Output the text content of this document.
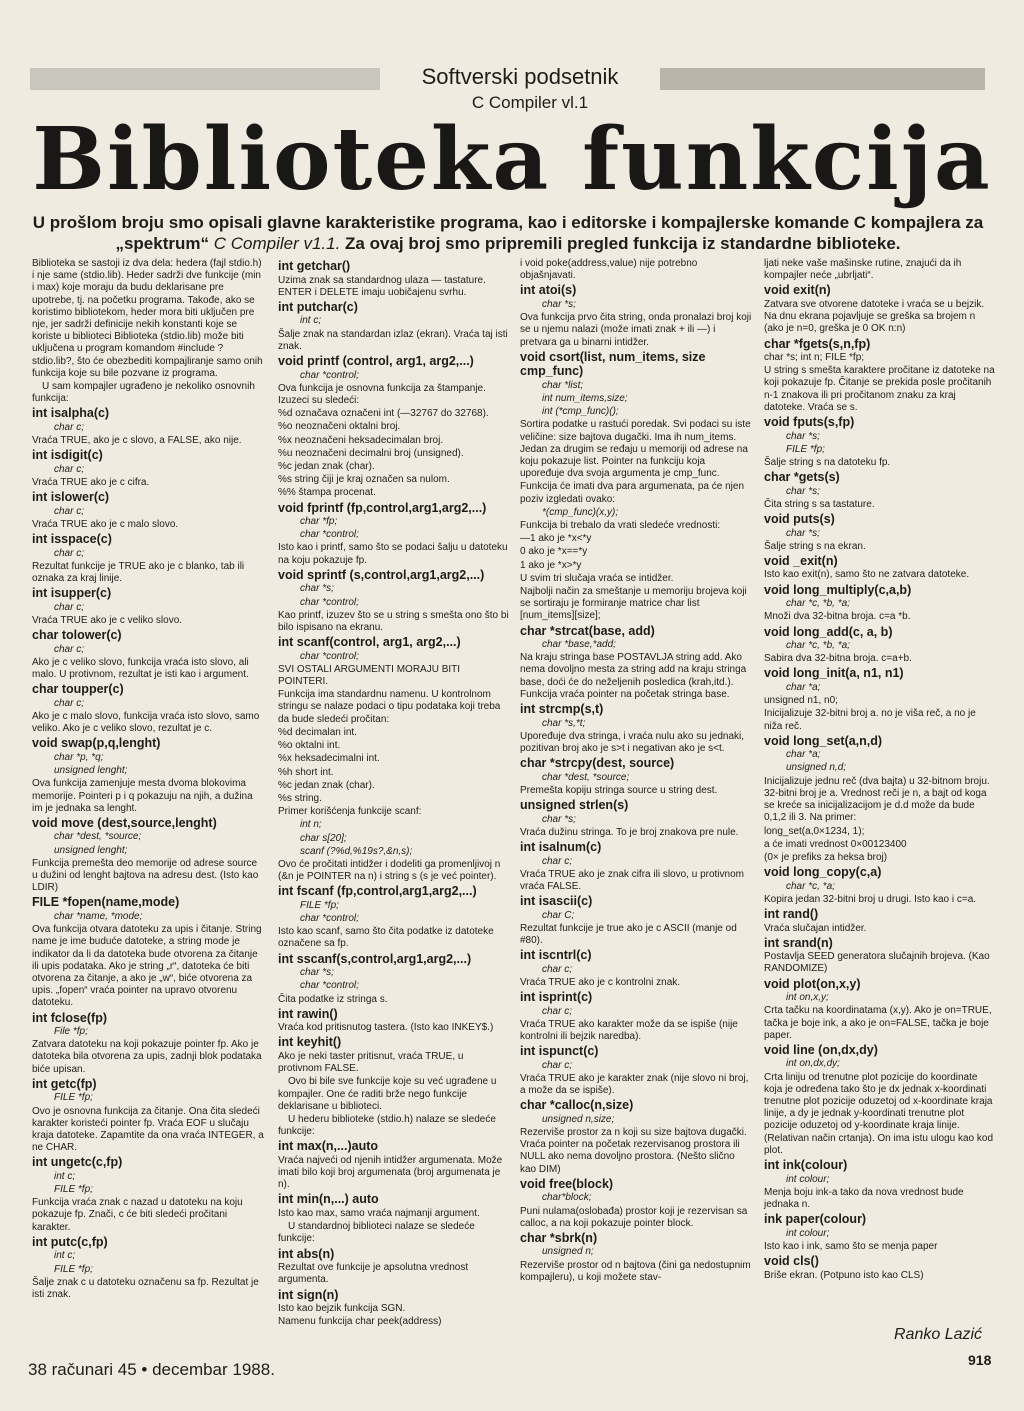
Softverski podsetnik
C Compiler vl.1
Biblioteka funkcija

U prošlom broju smo opisali glavne karakteristike programa, kao i editorske i kompajlerske komande C kompajlera za „spektrum“ C Compiler v1.1. Za ovaj broj smo pripremili pregled funkcija iz standardne biblioteke.

Biblioteka se sastoji iz dva dela: hedera (fajl stdio.h) i nje same (stdio.lib). Heder sadrži dve funkcije (min i max) koje moraju da budu deklarisane pre upotrebe, tj. na početku programa. Takođe, ako se koristimo bibliotekom, heder mora biti uključen pre nje, jer sadrži definicije nekih konstanti koje se koriste u biblioteci Biblioteka (stdio.lib) može biti uključena u program komandom #include ?stdio.lib?, što će obezbediti kompajliranje samo onih funkcija koje su bile pozvane iz programa.

U sam kompajler ugrađeno je nekoliko osnovnih funkcija:

int isalpha(c)

char c;

Vraća TRUE, ako je c slovo, a FALSE, ako nije.

int isdigit(c)

char c;

Vraća TRUE ako je c cifra.

int islower(c)

char c;

Vraća TRUE ako je c malo slovo.

int isspace(c)

char c;

Rezultat funkcije je TRUE ako je c blanko, tab ili oznaka za kraj linije.

int isupper(c)

char c;

Vraća TRUE ako je c veliko slovo.

char tolower(c)

char c;

Ako je c veliko slovo, funkcija vraća isto slovo, ali malo. U protivnom, rezultat je isti kao i argument.

char toupper(c)

char c;

Ako je c malo slovo, funkcija vraća isto slovo, samo veliko. Ako je c veliko slovo, rezultat je c.

void swap(p,q,lenght)

char *p, *q;

unsigned lenght;

Ova funkcija zamenjuje mesta dvoma blokovima memorije. Pointeri p i q pokazuju na njih, a dužina im je jednaka sa lenght.

void move (dest,source,lenght)

char *dest, *source;

unsigned lenght;

Funkcija premešta deo memorije od adrese source u dužini od lenght bajtova na adresu dest. (Isto kao LDIR)

FILE *fopen(name,mode)

char *name, *mode;

Ova funkcija otvara datoteku za upis i čitanje. String name je ime buduće datoteke, a string mode je indikator da li da datoteka bude otvorena za čitanje ili upis podataka. Ako je string „r“, datoteka će biti otvorena za čitanje, a ako je „w“, biće otvorena za upis. „fopen“ vraća pointer na upravo otvorenu datoteku.

int fclose(fp)

File *fp;

Zatvara datoteku na koji pokazuje pointer fp. Ako je datoteka bila otvorena za upis, zadnji blok podataka biće upisan.

int getc(fp)

FILE *fp;

Ovo je osnovna funkcija za čitanje. Ona čita sledeći karakter koristeći pointer fp. Vraća EOF u slučaju kraja datoteke. Zapamtite da ona vraća INTEGER, a ne CHAR.

int ungetc(c,fp)

int c;

FILE *fp;

Funkcija vraća znak c nazad u datoteku na koju pokazuje fp. Znači, c će biti sledeći pročitani karakter.

int putc(c,fp)

int c;

FILE *fp;

Šalje znak c u datoteku označenu sa fp. Rezultat je isti znak.

int getchar()

Uzima znak sa standardnog ulaza — tastature. ENTER i DELETE imaju uobičajenu svrhu.

int putchar(c)

int c;

Šalje znak na standardan izlaz (ekran). Vraća taj isti znak.

void printf (control, arg1, arg2,...)

char *control;

Ova funkcija je osnovna funkcija za štampanje. Izuzeci su sledeći:

%d označava označeni int (—32767 do 32768).

%o neoznačeni oktalni broj.

%x neoznačeni heksadecimalan broj.

%u neoznačeni decimalni broj (unsigned).

%c jedan znak (char).

%s string čiji je kraj označen sa nulom.

%% štampa procenat.

void fprintf (fp,control,arg1,arg2,...)

char *fp;

char *control;

Isto kao i printf, samo što se podaci šalju u datoteku na koju pokazuje fp.

void sprintf (s,control,arg1,arg2,...)

char *s;

char *control;

Kao printf, izuzev što se u string s smešta ono što bi bilo ispisano na ekranu.

int scanf(control, arg1, arg2,...)

char *control;

SVI OSTALI ARGUMENTI MORAJU BITI POINTERI.

Funkcija ima standardnu namenu. U kontrolnom stringu se nalaze podaci o tipu podataka koji treba da bude sledeći pročitan:

%d decimalan int.

%o oktalni int.

%x heksadecimalni int.

%h short int.

%c jedan znak (char).

%s string.

Primer korišćenja funkcije scanf:

int n;

char s[20];

scanf (?%d,%19s?,&n,s);

Ovo će pročitati intidžer i dodeliti ga promenljivoj n (&n je POINTER na n) i string s (s je već pointer).

int fscanf (fp,control,arg1,arg2,...)

FILE *fp;

char *control;

Isto kao scanf, samo što čita podatke iz datoteke označene sa fp.

int sscanf(s,control,arg1,arg2,...)

char *s;

char *control;

Čita podatke iz stringa s.

int rawin()

Vraća kod pritisnutog tastera. (Isto kao INKEY$.)

int keyhit()

Ako je neki taster pritisnut, vraća TRUE, u protivnom FALSE.

Ovo bi bile sve funkcije koje su već ugrađene u kompajler. One će raditi brže nego funkcije deklarisane u biblioteci.

U hederu biblioteke (stdio.h) nalaze se sledeće funkcije:

int max(n,...)auto

Vraća najveći od njenih intidžer argumenata. Može imati bilo koji broj argumenata (broj argumenata je n).

int min(n,...) auto

Isto kao max, samo vraća najmanji argument.

U standardnoj biblioteci nalaze se sledeće funkcije:

int abs(n)

Rezultat ove funkcije je apsolutna vrednost argumenta.

int sign(n)

Isto kao bejzik funkcija SGN.

Namenu funkcija char peek(address)

i void poke(address,value) nije potrebno objašnjavati.

int atoi(s)

char *s;

Ova funkcija prvo čita string, onda pronalazi broj koji se u njemu nalazi (može imati znak + ili —) i pretvara ga u binarni intidžer.

void csort(list, num_items, size cmp_func)

char *list;

int num_items,size;

int (*cmp_func)();

Sortira podatke u rastući poredak. Svi podaci su iste veličine: size bajtova dugački. Ima ih num_items. Jedan za drugim se ređaju u memoriji od adrese na koju pokazuje list. Pointer na funkciju koja upoređuje dva svoja argumenta je cmp_func.

Funkcija će imati dva para argumenata, pa će njen poziv izgledati ovako:

*(cmp_func)(x,y);

Funkcija bi trebalo da vrati sledeće vrednosti:

—1 ako je *x<*y

0 ako je *x==*y

1 ako je *x>*y

U svim tri slučaja vraća se intidžer.

Najbolji način za smeštanje u memoriju brojeva koji se sortiraju je formiranje matrice char list [num_items][size];

char *strcat(base, add)

char *base,*add;

Na kraju stringa base POSTAVLJA string add. Ako nema dovoljno mesta za string add na kraju stringa base, doći će do neželjenih posledica (krah,itd.). Funkcija vraća pointer na početak stringa base.

int strcmp(s,t)

char *s,*t;

Upoređuje dva stringa, i vraća nulu ako su jednaki, pozitivan broj ako je s>t i negativan ako je s<t.

char *strcpy(dest, source)

char *dest, *source;

Premešta kopiju stringa source u string dest.

unsigned strlen(s)

char *s;

Vraća dužinu stringa. To je broj znakova pre nule.

int isalnum(c)

char c;

Vraća TRUE ako je znak cifra ili slovo, u protivnom vraća FALSE.

int isascii(c)

char C;

Rezultat funkcije je true ako je c ASCII (manje od #80).

int iscntrl(c)

char c;

Vraća TRUE ako je c kontrolni znak.

int isprint(c)

char c;

Vraća TRUE ako karakter može da se ispiše (nije kontrolni ili bejzik naredba).

int ispunct(c)

char c;

Vraća TRUE ako je karakter znak (nije slovo ni broj, a može da se ispiše).

char *calloc(n,size)

unsigned n,size;

Rezerviše prostor za n koji su size bajtova dugački. Vraća pointer na početak rezervisanog prostora ili NULL ako nema dovoljno prostora. (Nešto slično kao DIM)

void free(block)

char*block;

Puni nulama(oslobađa) prostor koji je rezervisan sa calloc, a na koji pokazuje pointer block.

char *sbrk(n)

unsigned n;

Rezerviše prostor od n bajtova (čini ga nedostupnim kompajleru), u koji možete stav-

ljati neke vaše mašinske rutine, znajući da ih kompajler neće „ubrljati“.

void exit(n)

Zatvara sve otvorene datoteke i vraća se u bejzik. Na dnu ekrana pojavljuje se greška sa brojem n (ako je n=0, greška je 0 OK n:n)

char *fgets(s,n,fp)

char *s; int n; FILE *fp;

U string s smešta karaktere pročitane iz datoteke na koji pokazuje fp. Čitanje se prekida posle pročitanih n-1 znakova ili pri pročitanom znaku za kraj datoteke. Vraća se s.

void fputs(s,fp)

char *s;

FILE *fp;

Šalje string s na datoteku fp.

char *gets(s)

char *s;

Čita string s sa tastature.

void puts(s)

char *s;

Šalje string s na ekran.

void _exit(n)

Isto kao exit(n), samo što ne zatvara datoteke.

void long_multiply(c,a,b)

char *c, *b, *a;

Množi dva 32-bitna broja. c=a *b.

void long_add(c, a, b)

char *c, *b, *a;

Sabira dva 32-bitna broja. c=a+b.

void long_init(a, n1, n1)

char *a;

unsigned n1, n0;

Inicijalizuje 32-bitni broj a. no je viša reč, a no je niža reč.

void long_set(a,n,d)

char *a;

unsigned n,d;

Inicijalizuje jednu reč (dva bajta) u 32-bitnom broju. 32-bitni broj je a. Vrednost reči je n, a bajt od koga se kreće sa inicijalizacijom je d.d može da bude 0,1,2 ili 3. Na primer:

long_set(a,0×1234, 1);

a će imati vrednost 0×00123400

(0× je prefiks za heksa broj)

void long_copy(c,a)

char *c, *a;

Kopira jedan 32-bitni broj u drugi. Isto kao i c=a.

int rand()

Vraća slučajan intidžer.

int srand(n)

Postavlja SEED generatora slučajnih brojeva. (Kao RANDOMIZE)

void plot(on,x,y)

int on,x,y;

Crta tačku na koordinatama (x,y). Ako je on=TRUE, tačka je boje ink, a ako je on=FALSE, tačka je boje paper.

void line (on,dx,dy)

int on,dx,dy;

Crta liniju od trenutne plot pozicije do koordinate koja je određena tako što je dx jednak x-koordinati trenutne plot pozicije oduzetoj od x-koordinate kraja linije, a dy je jednak y-koordinati trenutne plot pozicije oduzetoj od y-koordinate kraja linije. (Relativan način crtanja). On ima istu ulogu kao kod plot.

int ink(colour)

int colour;

Menja boju ink-a tako da nova vrednost bude jednaka n.

ink paper(colour)

int colour;

Isto kao i ink, samo što se menja paper

void cls()

Briše ekran. (Potpuno isto kao CLS)

Ranko Lazić
38 računari 45 • decembar 1988.	918
